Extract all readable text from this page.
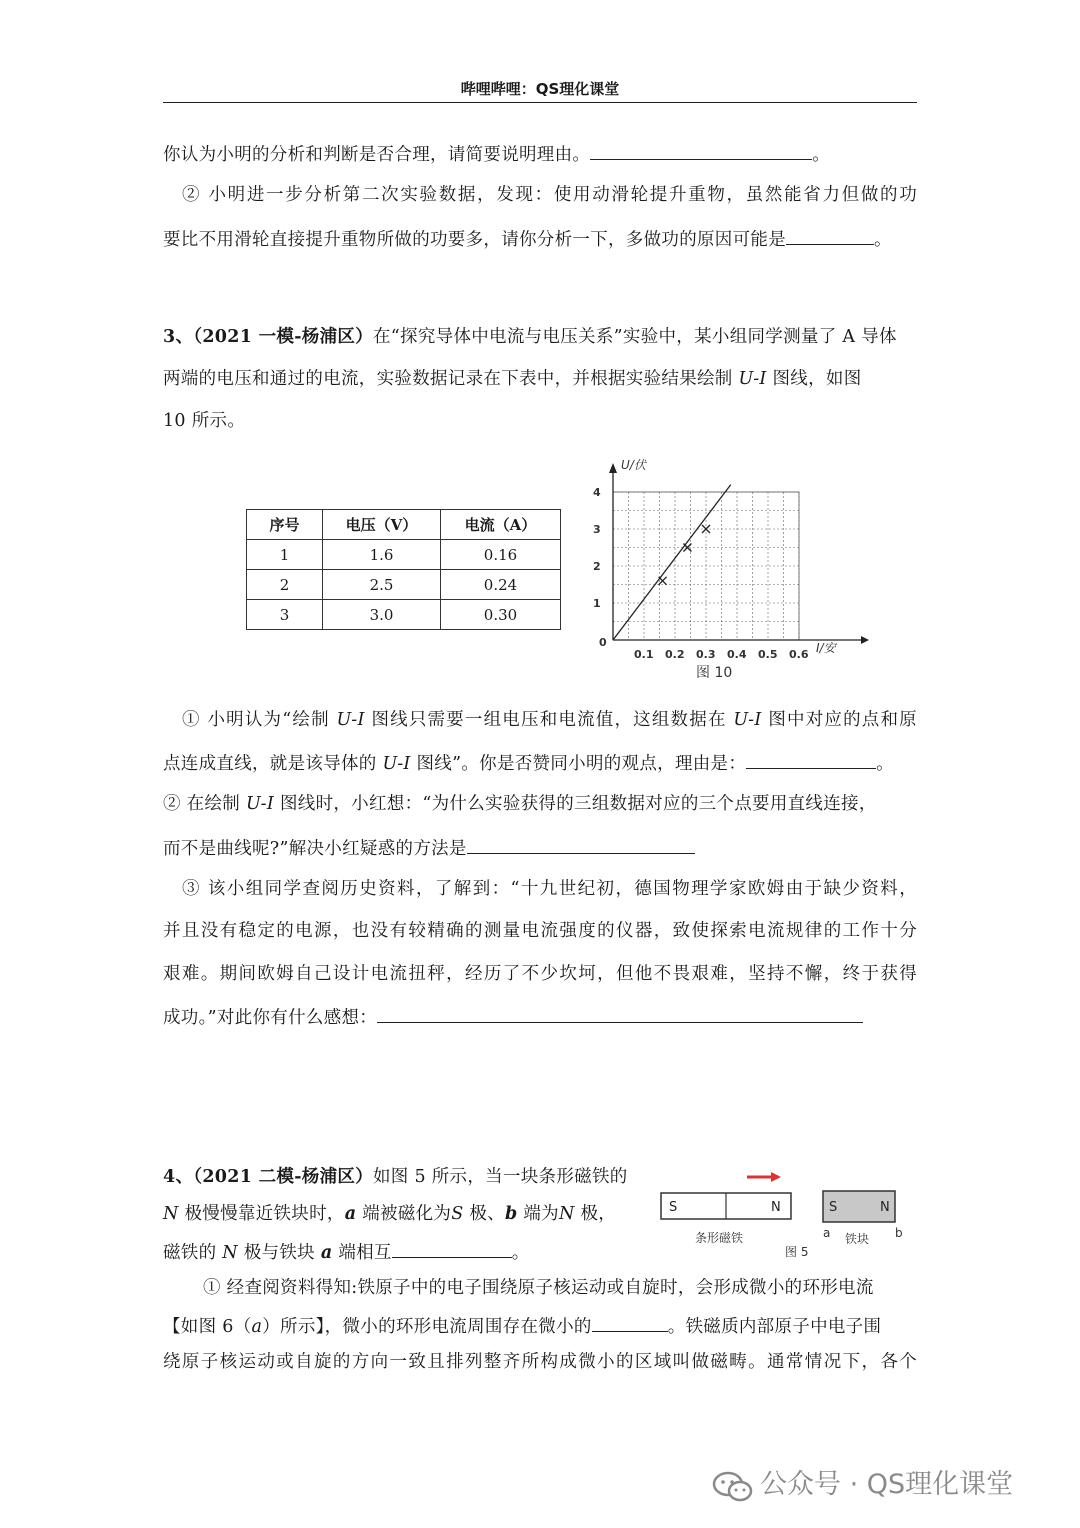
哔哩哔哩：QS理化课堂
你认为小明的分析和判断是否合理，请简要说明理由。	。
② 小明进一步分析第二次实验数据，发现：使用动滑轮提升重物，虽然能省力但做的功
要比不用滑轮直接提升重物所做的功要多，请你分析一下，多做功的原因可能是	。
3、（2021 一模-杨浦区）在“探究导体中电流与电压关系”实验中，某小组同学测量了 A 导体
两端的电压和通过的电流，实验数据记录在下表中，并根据实验结果绘制 U-I 图线，如图
10 所示。
序号	电压（V）	电流（A）
1	1.6	0.16
2	2.5	0.24
3	3.0	0.30
1
2
3
4
0.1 0.2 0.3 0.4 0.5 0.6
U/伏
I/安
0
图 10
① 小明认为“绘制 U-I 图线只需要一组电压和电流值，这组数据在 U-I 图中对应的点和原
点连成直线，就是该导体的 U-I 图线”。你是否赞同小明的观点，理由是：	。
② 在绘制 U-I 图线时，小红想：“为什么实验获得的三组数据对应的三个点要用直线连接，
而不是曲线呢?”解决小红疑惑的方法是
③ 该小组同学查阅历史资料，了解到：“十九世纪初，德国物理学家欧姆由于缺少资料，
并且没有稳定的电源，也没有较精确的测量电流强度的仪器，致使探索电流规律的工作十分
艰难。期间欧姆自己设计电流扭秤，经历了不少坎坷，但他不畏艰难，坚持不懈，终于获得
成功。”对此你有什么感想：
4、（2021 二模-杨浦区）如图 5 所示，当一块条形磁铁的
N 极慢慢靠近铁块时，a 端被磁化为S 极、b 端为N 极，
磁铁的 N 极与铁块 a 端相互	。
S	N
条形磁铁
S	N
a 铁块 b
图 5
① 经查阅资料得知:铁原子中的电子围绕原子核运动或自旋时，会形成微小的环形电流
【如图 6（a）所示】，微小的环形电流周围存在微小的	。铁磁质内部原子中电子围
绕原子核运动或自旋的方向一致且排列整齐所构成微小的区域叫做磁畴。通常情况下，各个
公众号 · QS理化课堂
